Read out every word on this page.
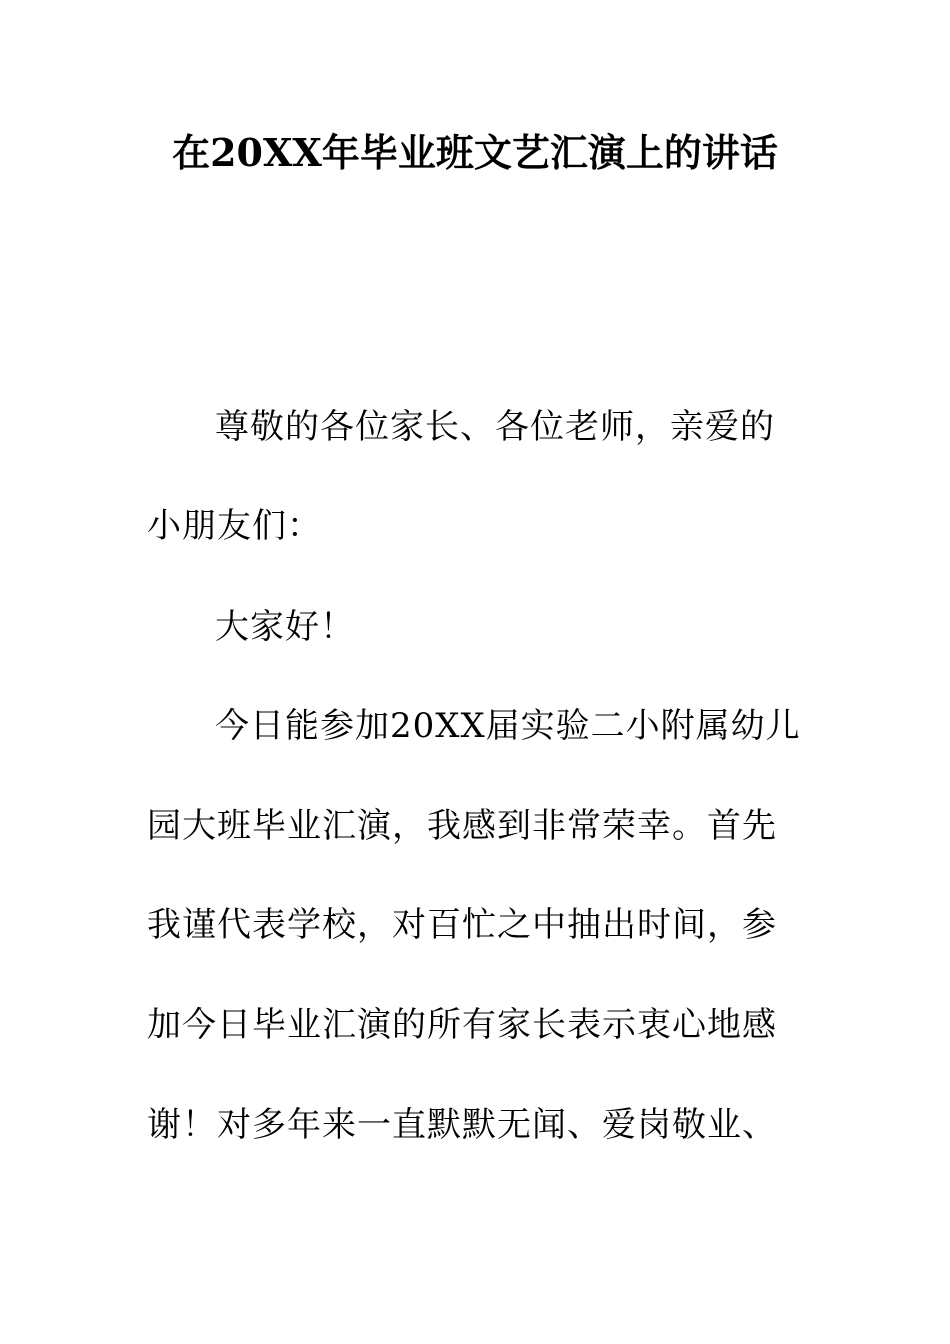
在20XX年毕业班文艺汇演上的讲话
尊敬的各位家长、各位老师，亲爱的
小朋友们：
大家好！
今日能参加20XX届实验二小附属幼儿
园大班毕业汇演，我感到非常荣幸。首先
我谨代表学校，对百忙之中抽出时间，参
加今日毕业汇演的所有家长表示衷心地感
谢！对多年来一直默默无闻、爱岗敬业、
